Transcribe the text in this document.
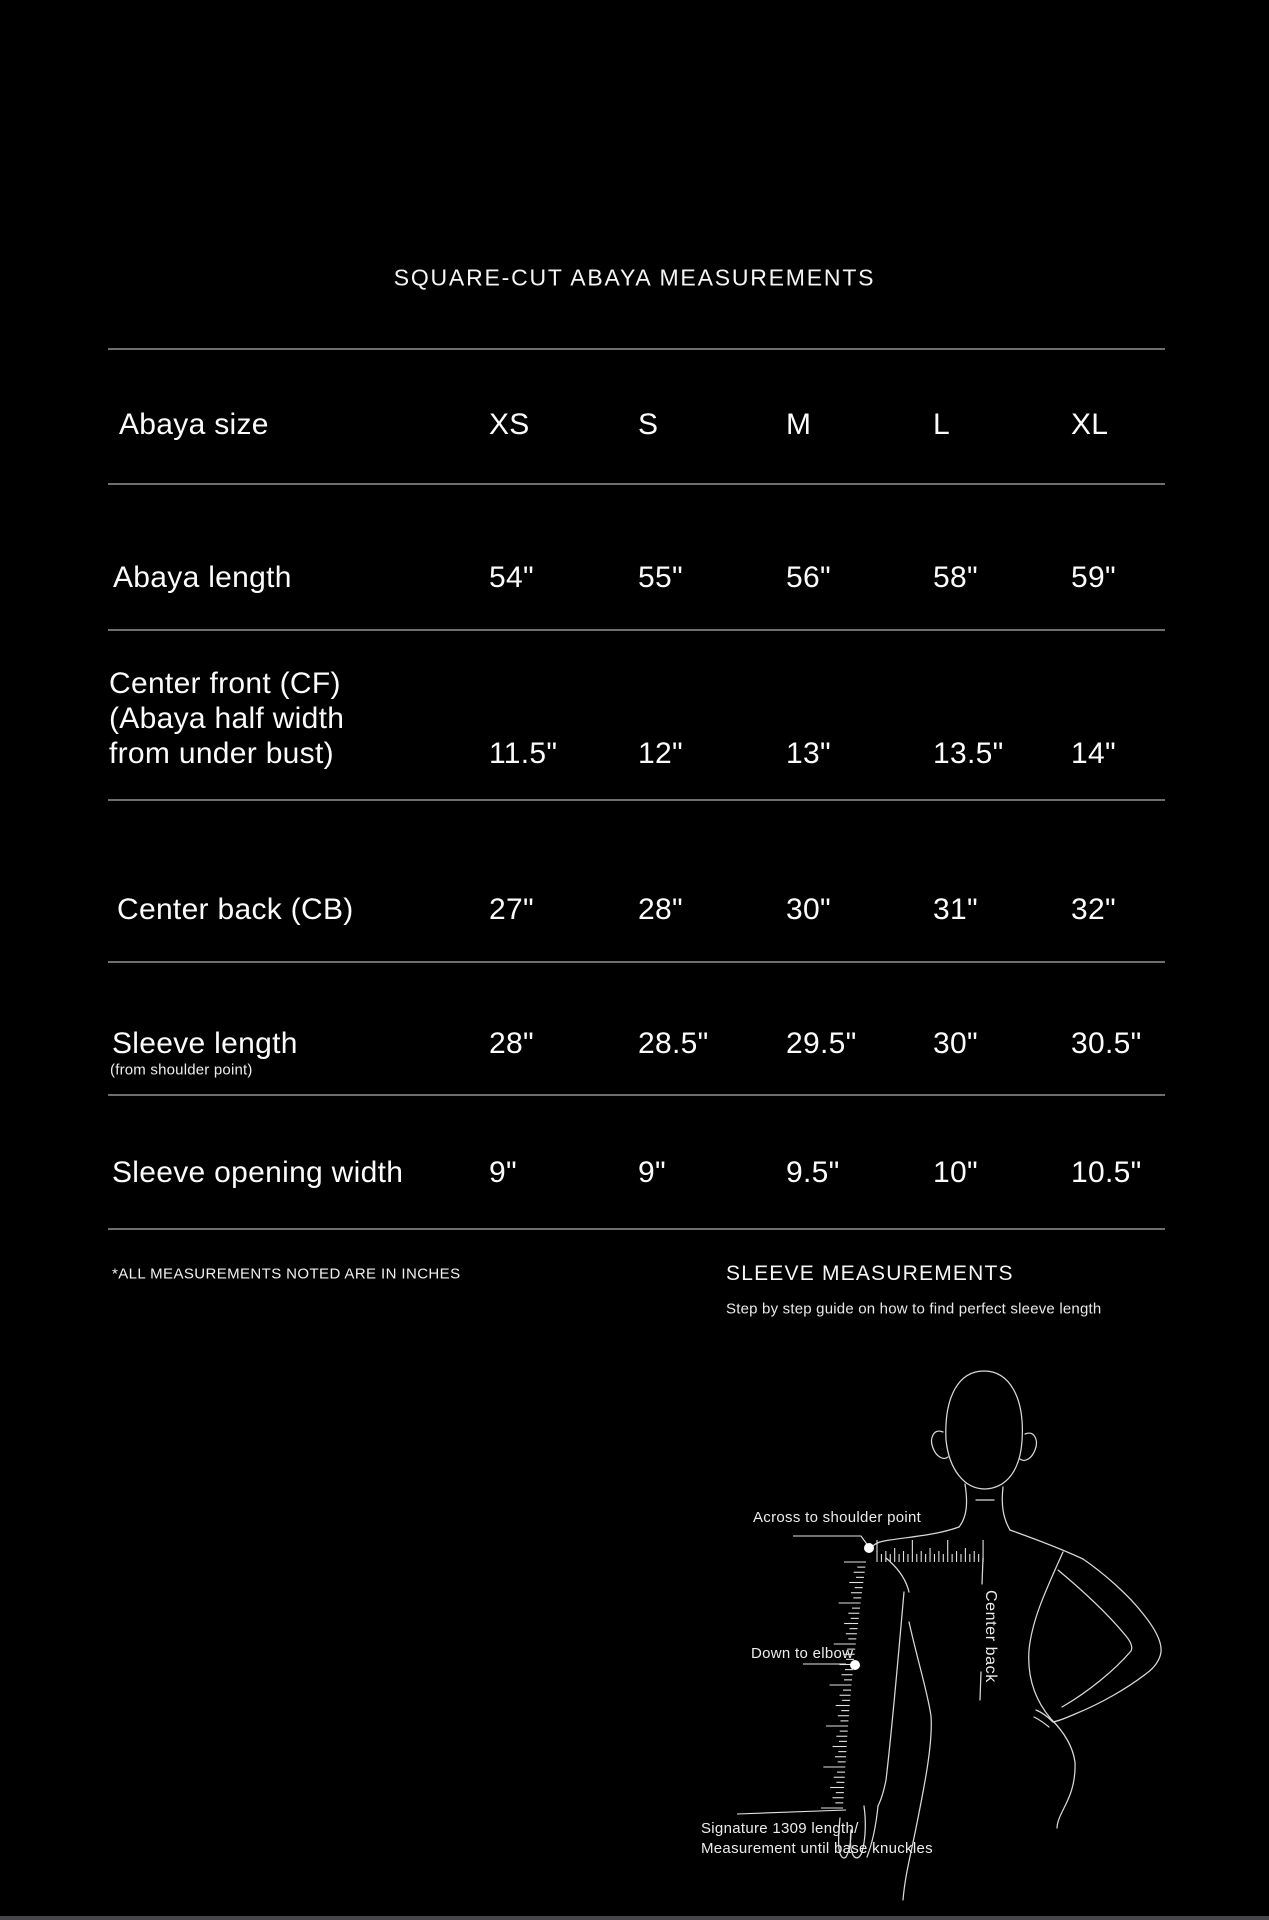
SQUARE-CUT ABAYA MEASUREMENTS
Abaya size	XS	S	M	L	XL
Abaya length	54"	55"	56"	58"	59"
Center front (CF)
(Abaya half width
from under bust)	11.5"	12"	13"	13.5" 14"
Center back (CB)	27"	28"	30"	31"	32"
Sleeve length
(from shoulder point)
28"	28.5"	29.5"	30"	30.5"
Sleeve opening width	9"	9"	9.5"	10"	10.5"
*ALL MEASUREMENTS NOTED ARE IN INCHES	SLEEVE MEASUREMENTS
Step by step guide on how to find perfect sleeve length
Across to shoulder point
Down to elbow	Center back
Signature 1309 length/
Measurement until base knuckles
